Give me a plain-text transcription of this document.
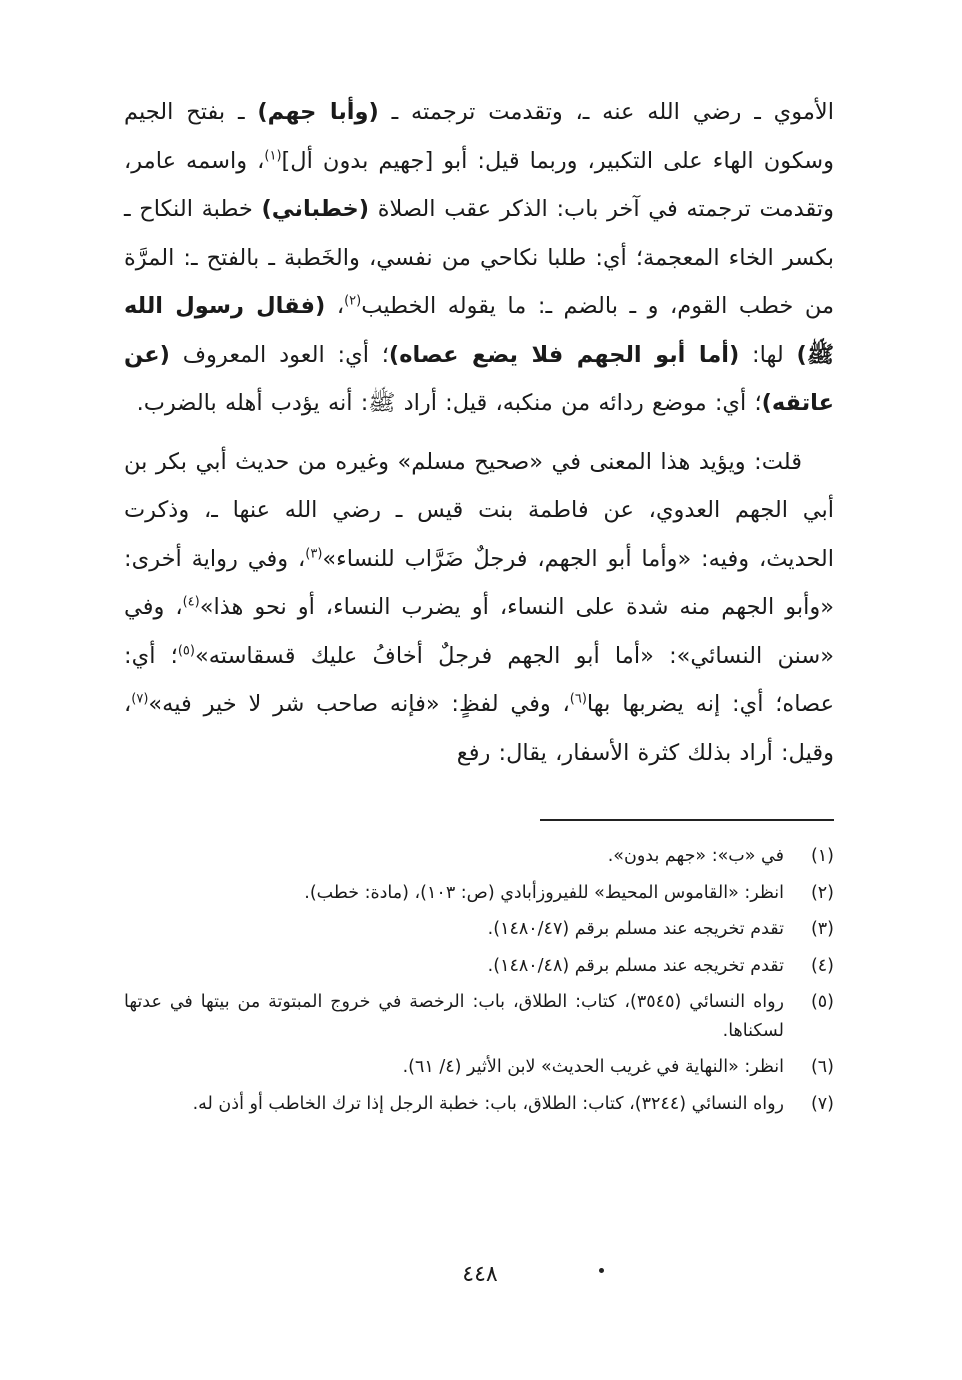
الأموي ـ رضي الله عنه ـ، وتقدمت ترجمته ـ (وأبا جهم) ـ بفتح الجيم وسكون الهاء على التكبير، وربما قيل: أبو [جهيم بدون أل]$^{(١)}$، واسمه عامر، وتقدمت ترجمته في آخر باب: الذكر عقب الصلاة (خطباني) خطبة النكاح ـ بكسر الخاء المعجمة؛ أي: طلبا نكاحي من نفسي، والخَطبة ـ بالفتح ـ: المرَّة من خطب القوم، و ـ بالضم ـ: ما يقوله الخطيب$^{(٢)}$، (فقال رسول الله ﷺ) لها: (أما أبو الجهم فلا يضع عصاه)؛ أي: العود المعروف (عن عاتقه)؛ أي: موضع ردائه من منكبه، قيل: أراد ﷺ: أنه يؤدب أهله بالضرب.

قلت: ويؤيد هذا المعنى في «صحيح مسلم» وغيره من حديث أبي بكر بن أبي الجهم العدوي، عن فاطمة بنت قيس ـ رضي الله عنها ـ، وذكرت الحديث، وفيه: «وأما أبو الجهم، فرجلٌ ضَرَّاب للنساء»$^{(٣)}$، وفي رواية أخرى: «وأبو الجهم منه شدة على النساء، أو يضرب النساء، أو نحو هذا»$^{(٤)}$، وفي «سنن النسائي»: «أما أبو الجهم فرجلٌ أخافُ عليك قسقاسته»$^{(٥)}$؛ أي: عصاه؛ أي: إنه يضربها بها$^{(٦)}$، وفي لفظٍ: «فإنه صاحب شر لا خير فيه»$^{(٧)}$، وقيل: أراد بذلك كثرة الأسفار، يقال: رفع

(١)
في «ب»: «جهم بدون».
(٢)
انظر: «القاموس المحيط» للفيروزأبادي (ص: ١٠٣)، (مادة: خطب).
(٣)
تقدم تخريجه عند مسلم برقم (١٤٨٠/٤٧).
(٤)
تقدم تخريجه عند مسلم برقم (١٤٨٠/٤٨).
(٥)
رواه النسائي (٣٥٤٥)، كتاب: الطلاق، باب: الرخصة في خروج المبتوتة من بيتها في عدتها لسكناها.
(٦)
انظر: «النهاية في غريب الحديث» لابن الأثير (٤/ ٦١).
(٧)
رواه النسائي (٣٢٤٤)، كتاب: الطلاق، باب: خطبة الرجل إذا ترك الخاطب أو أذن له.
٤٤٨
